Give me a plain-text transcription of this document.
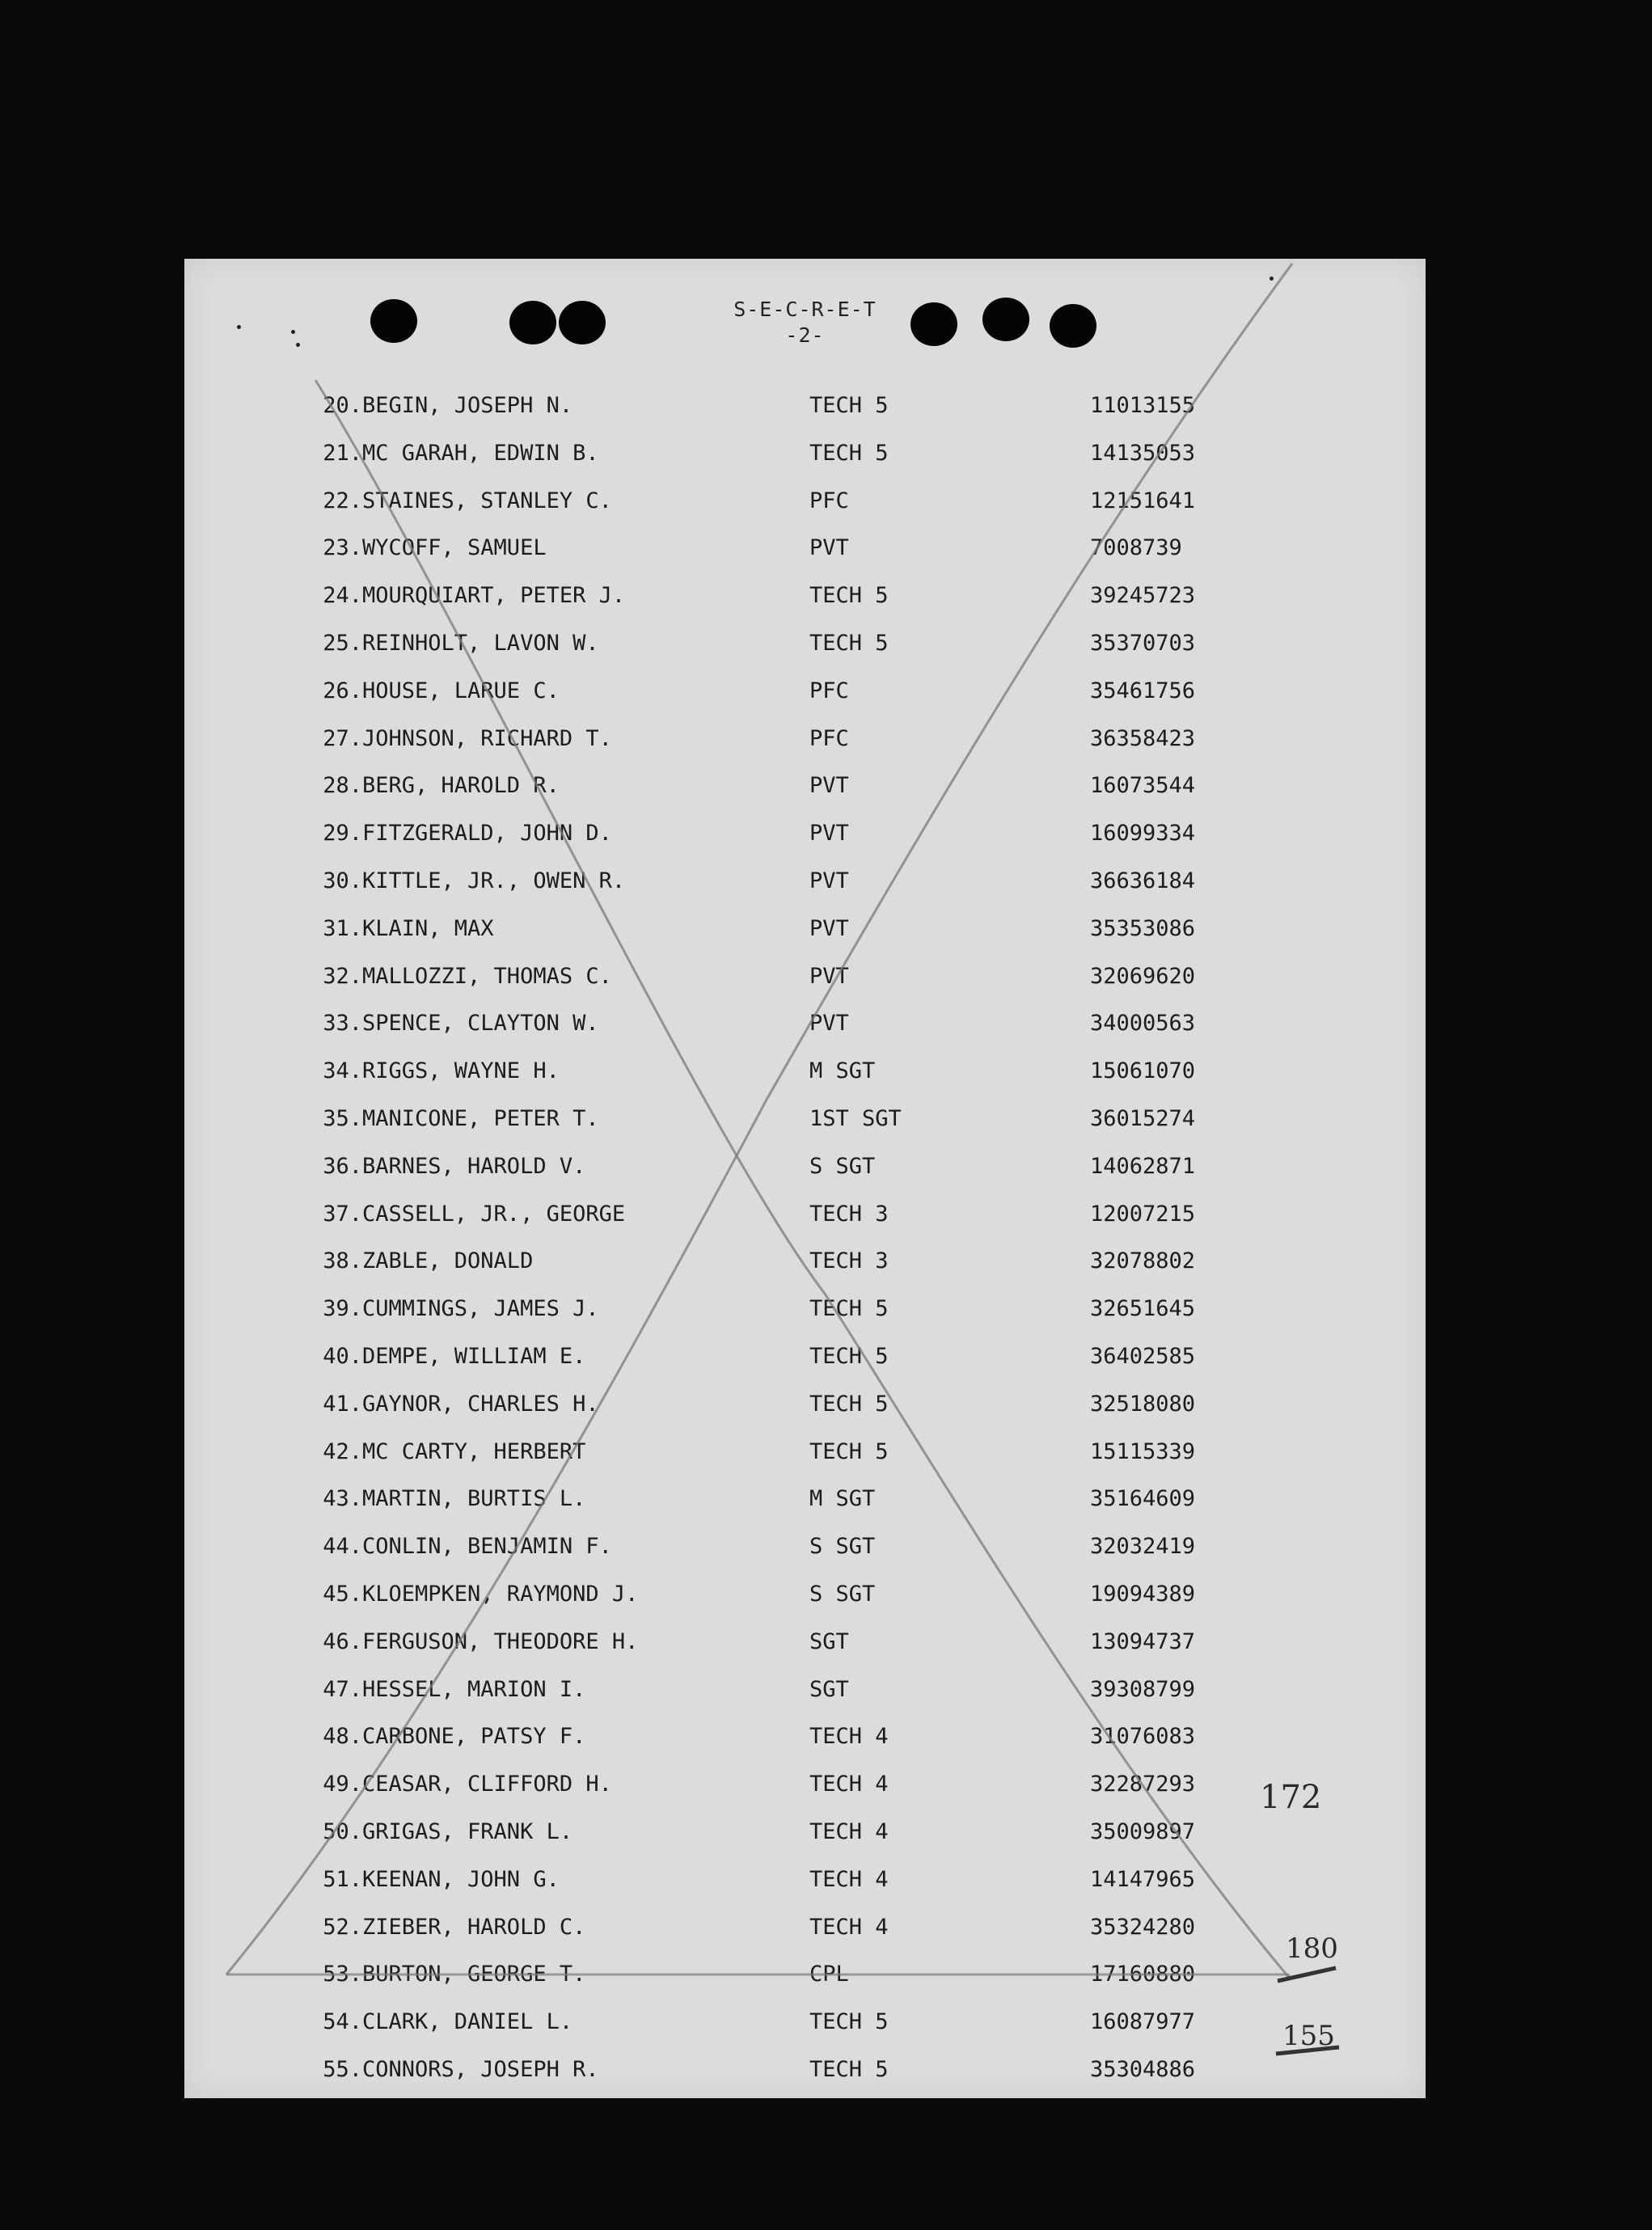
S-E-C-R-E-T
-2-
20. BEGIN, JOSEPH N.	TECH 5	11013155
21. MC GARAH, EDWIN B.	TECH 5	14135053
22. STAINES, STANLEY C.	PFC	12151641
23. WYCOFF, SAMUEL	PVT	7008739
24. MOURQUIART, PETER J.	TECH 5	39245723
25. REINHOLT, LAVON W.	TECH 5	35370703
26. HOUSE, LARUE C.	PFC	35461756
27. JOHNSON, RICHARD T.	PFC	36358423
28. BERG, HAROLD R.	PVT	16073544
29. FITZGERALD, JOHN D.	PVT	16099334
30. KITTLE, JR., OWEN R.	PVT	36636184
31. KLAIN, MAX	PVT	35353086
32. MALLOZZI, THOMAS C.	PVT	32069620
33. SPENCE, CLAYTON W.	PVT	34000563
34. RIGGS, WAYNE H.	M SGT	15061070
35. MANICONE, PETER T.	1ST SGT	36015274
36. BARNES, HAROLD V.	S SGT	14062871
37. CASSELL, JR., GEORGE	TECH 3	12007215
38. ZABLE, DONALD	TECH 3	32078802
39. CUMMINGS, JAMES J.	TECH 5	32651645
40. DEMPE, WILLIAM E.	TECH 5	36402585
41. GAYNOR, CHARLES H.	TECH 5	32518080
42. MC CARTY, HERBERT	TECH 5	15115339
43. MARTIN, BURTIS L.	M SGT	35164609
44. CONLIN, BENJAMIN F.	S SGT	32032419
45. KLOEMPKEN, RAYMOND J.	S SGT	19094389
46. FERGUSON, THEODORE H.	SGT	13094737
47. HESSEL, MARION I.	SGT	39308799
48. CARBONE, PATSY F.	TECH 4	31076083
49. CEASAR, CLIFFORD H.	TECH 4	32287293
50. GRIGAS, FRANK L.	TECH 4	35009897
51. KEENAN, JOHN G.	TECH 4	14147965
52. ZIEBER, HAROLD C.	TECH 4	35324280
53. BURTON, GEORGE T.	CPL	17160880
54. CLARK, DANIEL L.	TECH 5	16087977
55. CONNORS, JOSEPH R.	TECH 5	35304886
172
180
155
